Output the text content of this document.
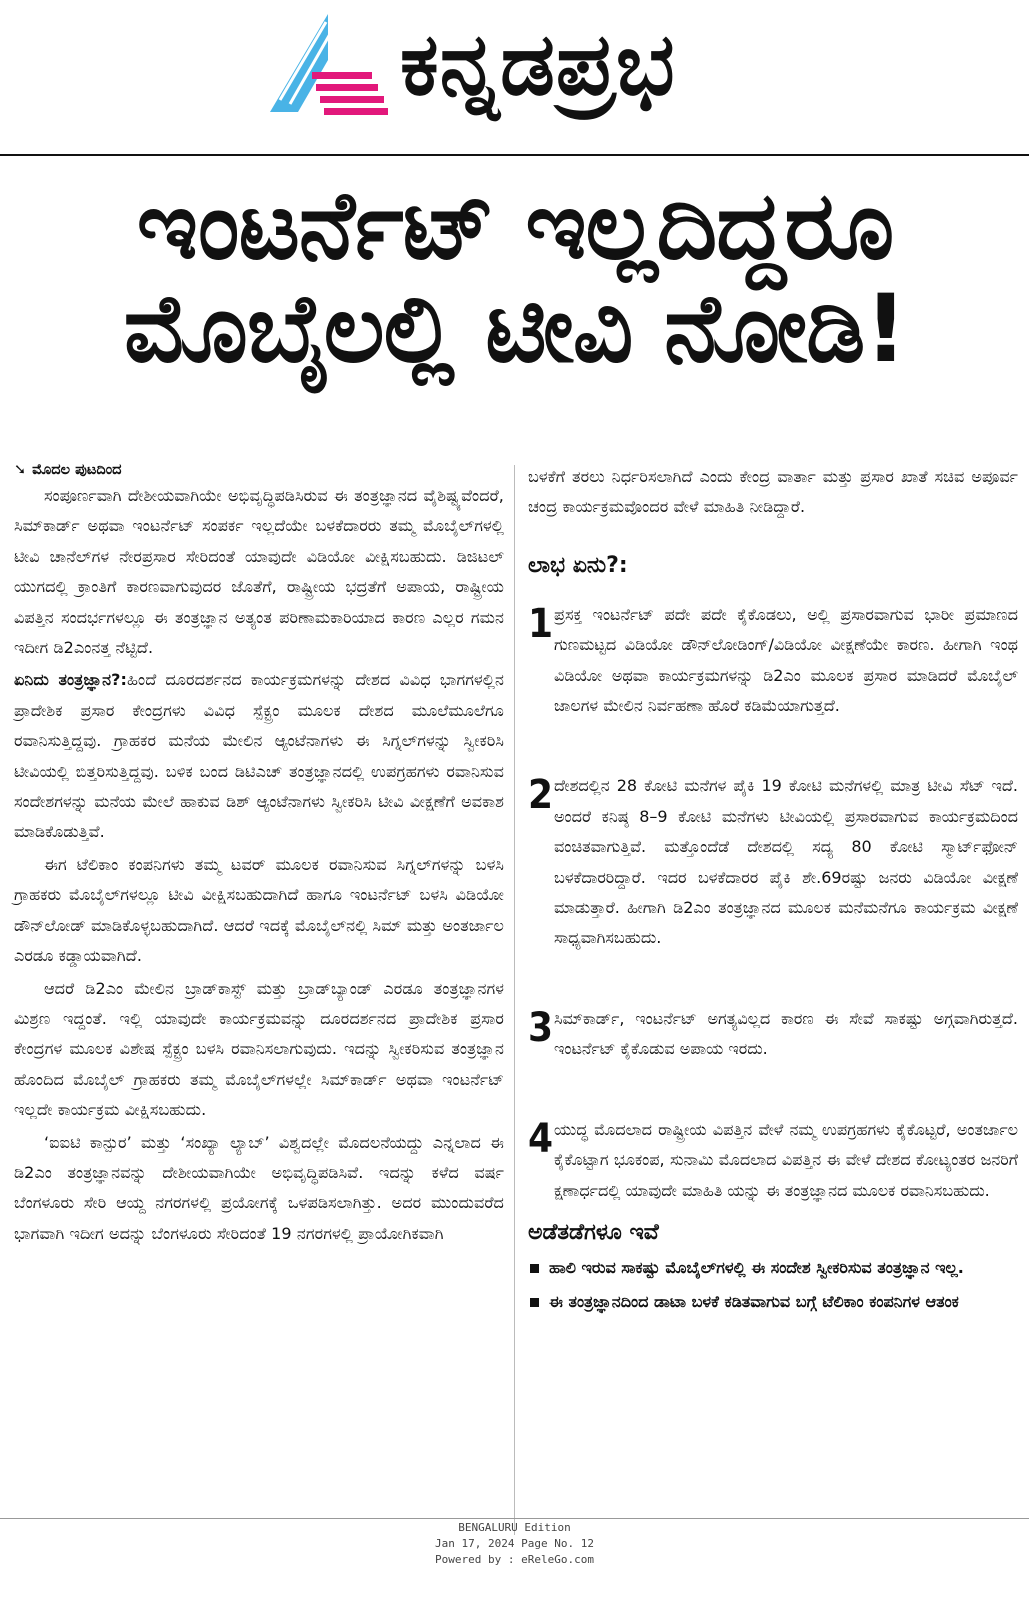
ಕನ್ನಡಪ್ರಭ
ಇಂಟರ್ನೆಟ್ ಇಲ್ಲದಿದ್ದರೂ
ಮೊಬೈಲಲ್ಲಿ ಟೀವಿ ನೋಡಿ!
➘ ಮೊದಲ ಪುಟದಿಂದ

ಸಂಪೂರ್ಣವಾಗಿ ದೇಶೀಯವಾಗಿಯೇ ಅಭಿವೃದ್ಧಿಪಡಿಸಿರುವ ಈ ತಂತ್ರಜ್ಞಾನದ ವೈಶಿಷ್ಟ್ಯವೆಂದರೆ, ಸಿಮ್‌ಕಾರ್ಡ್ ಅಥವಾ ಇಂಟರ್ನೆಟ್ ಸಂಪರ್ಕ ಇಲ್ಲದೆಯೇ ಬಳಕೆದಾರರು ತಮ್ಮ ಮೊಬೈಲ್‌ಗಳಲ್ಲಿ ಟೀವಿ ಚಾನೆಲ್‌ಗಳ ನೇರಪ್ರಸಾರ ಸೇರಿದಂತೆ ಯಾವುದೇ ವಿಡಿಯೋ ವೀಕ್ಷಿಸಬಹುದು. ಡಿಜಿಟಲ್ ಯುಗದಲ್ಲಿ ಕ್ರಾಂತಿಗೆ ಕಾರಣವಾಗುವುದರ ಜೊತೆಗೆ, ರಾಷ್ಟ್ರೀಯ ಭದ್ರತೆಗೆ ಅಪಾಯ, ರಾಷ್ಟ್ರೀಯ ವಿಪತ್ತಿನ ಸಂದರ್ಭಗಳಲ್ಲೂ ಈ ತಂತ್ರಜ್ಞಾನ ಅತ್ಯಂತ ಪರಿಣಾಮಕಾರಿಯಾದ ಕಾರಣ ಎಲ್ಲರ ಗಮನ ಇದೀಗ ಡಿ2ಎಂನತ್ತ ನೆಟ್ಟಿದೆ.

ಏನಿದು ತಂತ್ರಜ್ಞಾನ?:ಹಿಂದೆ ದೂರದರ್ಶನದ ಕಾರ್ಯಕ್ರಮಗಳನ್ನು ದೇಶದ ವಿವಿಧ ಭಾಗಗಳಲ್ಲಿನ ಪ್ರಾದೇಶಿಕ ಪ್ರಸಾರ ಕೇಂದ್ರಗಳು ವಿವಿಧ ಸ್ಪೆಕ್ಟ್ರಂ ಮೂಲಕ ದೇಶದ ಮೂಲೆಮೂಲೆಗೂ ರವಾನಿಸುತ್ತಿದ್ದವು. ಗ್ರಾಹಕರ ಮನೆಯ ಮೇಲಿನ ಆ್ಯಂಟೆನಾಗಳು ಈ ಸಿಗ್ನಲ್‌ಗಳನ್ನು ಸ್ವೀಕರಿಸಿ ಟೀವಿಯಲ್ಲಿ ಬಿತ್ತರಿಸುತ್ತಿದ್ದವು. ಬಳಿಕ ಬಂದ ಡಿಟಿಎಚ್ ತಂತ್ರಜ್ಞಾನದಲ್ಲಿ ಉಪಗ್ರಹಗಳು ರವಾನಿಸುವ ಸಂದೇಶಗಳನ್ನು ಮನೆಯ ಮೇಲೆ ಹಾಕುವ ಡಿಶ್ ಆ್ಯಂಟೆನಾಗಳು ಸ್ವೀಕರಿಸಿ ಟೀವಿ ವೀಕ್ಷಣೆಗೆ ಅವಕಾಶ ಮಾಡಿಕೊಡುತ್ತಿವೆ.

ಈಗ ಟೆಲಿಕಾಂ ಕಂಪನಿಗಳು ತಮ್ಮ ಟವರ್ ಮೂಲಕ ರವಾನಿಸುವ ಸಿಗ್ನಲ್‌ಗಳನ್ನು ಬಳಸಿ ಗ್ರಾಹಕರು ಮೊಬೈಲ್‌ಗಳಲ್ಲೂ ಟೀವಿ ವೀಕ್ಷಿಸಬಹುದಾಗಿದೆ ಹಾಗೂ ಇಂಟರ್ನೆಟ್ ಬಳಸಿ ವಿಡಿಯೋ ಡೌನ್‌ಲೋಡ್ ಮಾಡಿಕೊಳ್ಳಬಹುದಾಗಿದೆ. ಆದರೆ ಇದಕ್ಕೆ ಮೊಬೈಲ್‌ನಲ್ಲಿ ಸಿಮ್ ಮತ್ತು ಅಂತರ್ಜಾಲ ಎರಡೂ ಕಡ್ಡಾಯವಾಗಿದೆ.

ಆದರೆ ಡಿ2ಎಂ ಮೇಲಿನ ಬ್ರಾಡ್‌ಕಾಸ್ಟ್ ಮತ್ತು ಬ್ರಾಡ್‌ಬ್ಯಾಂಡ್ ಎರಡೂ ತಂತ್ರಜ್ಞಾನಗಳ ಮಿಶ್ರಣ ಇದ್ದಂತೆ. ಇಲ್ಲಿ ಯಾವುದೇ ಕಾರ್ಯಕ್ರಮವನ್ನು ದೂರದರ್ಶನದ ಪ್ರಾದೇಶಿಕ ಪ್ರಸಾರ ಕೇಂದ್ರಗಳ ಮೂಲಕ ವಿಶೇಷ ಸ್ಪೆಕ್ಟ್ರಂ ಬಳಸಿ ರವಾನಿಸಲಾಗುವುದು. ಇದನ್ನು ಸ್ವೀಕರಿಸುವ ತಂತ್ರಜ್ಞಾನ ಹೊಂದಿದ ಮೊಬೈಲ್ ಗ್ರಾಹಕರು ತಮ್ಮ ಮೊಬೈಲ್‌ಗಳಲ್ಲೇ ಸಿಮ್‌ಕಾರ್ಡ್ ಅಥವಾ ಇಂಟರ್ನೆಟ್ ಇಲ್ಲದೇ ಕಾರ್ಯಕ್ರಮ ವೀಕ್ಷಿಸಬಹುದು.

‘ಐಐಟಿ ಕಾನ್ಪುರ’ ಮತ್ತು ‘ಸಂಖ್ಯಾ ಲ್ಯಾಬ್’ ವಿಶ್ವದಲ್ಲೇ ಮೊದಲನೆಯದ್ದು ಎನ್ನಲಾದ ಈ ಡಿ2ಎಂ ತಂತ್ರಜ್ಞಾನವನ್ನು ದೇಶೀಯವಾಗಿಯೇ ಅಭಿವೃದ್ಧಿಪಡಿಸಿವೆ. ಇದನ್ನು ಕಳೆದ ವರ್ಷ ಬೆಂಗಳೂರು ಸೇರಿ ಆಯ್ದ ನಗರಗಳಲ್ಲಿ ಪ್ರಯೋಗಕ್ಕೆ ಒಳಪಡಿಸಲಾಗಿತ್ತು. ಅದರ ಮುಂದುವರೆದ ಭಾಗವಾಗಿ ಇದೀಗ ಅದನ್ನು ಬೆಂಗಳೂರು ಸೇರಿದಂತೆ 19 ನಗರಗಳಲ್ಲಿ ಪ್ರಾಯೋಗಿಕವಾಗಿ

ಬಳಕೆಗೆ ತರಲು ನಿರ್ಧರಿಸಲಾಗಿದೆ ಎಂದು ಕೇಂದ್ರ ವಾರ್ತಾ ಮತ್ತು ಪ್ರಸಾರ ಖಾತೆ ಸಚಿವ ಅಪೂರ್ವ ಚಂದ್ರ ಕಾರ್ಯಕ್ರಮವೊಂದರ ವೇಳೆ ಮಾಹಿತಿ ನೀಡಿದ್ದಾರೆ.

ಲಾಭ ಏನು?:
1 ಪ್ರಸಕ್ತ ಇಂಟರ್ನೆಟ್ ಪದೇ ಪದೇ ಕೈಕೊಡಲು, ಅಲ್ಲಿ ಪ್ರಸಾರವಾಗುವ ಭಾರೀ ಪ್ರಮಾಣದ ಗುಣಮಟ್ಟದ ವಿಡಿಯೋ ಡೌನ್‌ಲೋಡಿಂಗ್/ವಿಡಿಯೋ ವೀಕ್ಷಣೆಯೇ ಕಾರಣ. ಹೀಗಾಗಿ ಇಂಥ ವಿಡಿಯೋ ಅಥವಾ ಕಾರ್ಯಕ್ರಮಗಳನ್ನು ಡಿ2ಎಂ ಮೂಲಕ ಪ್ರಸಾರ ಮಾಡಿದರೆ ಮೊಬೈಲ್ ಜಾಲಗಳ ಮೇಲಿನ ನಿರ್ವಹಣಾ ಹೊರೆ ಕಡಿಮೆಯಾಗುತ್ತದೆ.
2 ದೇಶದಲ್ಲಿನ 28 ಕೋಟಿ ಮನೆಗಳ ಪೈಕಿ 19 ಕೋಟಿ ಮನೆಗಳಲ್ಲಿ ಮಾತ್ರ ಟೀವಿ ಸೆಟ್ ಇದೆ. ಅಂದರೆ ಕನಿಷ್ಠ 8–9 ಕೋಟಿ ಮನೆಗಳು ಟೀವಿಯಲ್ಲಿ ಪ್ರಸಾರವಾಗುವ ಕಾರ್ಯಕ್ರಮದಿಂದ ವಂಚಿತವಾಗುತ್ತಿವೆ. ಮತ್ತೊಂದೆಡೆ ದೇಶದಲ್ಲಿ ಸದ್ಯ 80 ಕೋಟಿ ಸ್ಮಾರ್ಟ್‌ಫೋನ್ ಬಳಕೆದಾರರಿದ್ದಾರೆ. ಇದರ ಬಳಕೆದಾರರ ಪೈಕಿ ಶೇ.69ರಷ್ಟು ಜನರು ವಿಡಿಯೋ ವೀಕ್ಷಣೆ ಮಾಡುತ್ತಾರೆ. ಹೀಗಾಗಿ ಡಿ2ಎಂ ತಂತ್ರಜ್ಞಾನದ ಮೂಲಕ ಮನೆಮನೆಗೂ ಕಾರ್ಯಕ್ರಮ ವೀಕ್ಷಣೆ ಸಾಧ್ಯವಾಗಿಸಬಹುದು.
3 ಸಿಮ್‌ಕಾರ್ಡ್, ಇಂಟರ್ನೆಟ್ ಅಗತ್ಯವಿಲ್ಲದ ಕಾರಣ ಈ ಸೇವೆ ಸಾಕಷ್ಟು ಅಗ್ಗವಾಗಿರುತ್ತದೆ. ಇಂಟರ್ನೆಟ್ ಕೈಕೊಡುವ ಅಪಾಯ ಇರದು.
4 ಯುದ್ಧ ಮೊದಲಾದ ರಾಷ್ಟ್ರೀಯ ವಿಪತ್ತಿನ ವೇಳೆ ನಮ್ಮ ಉಪಗ್ರಹಗಳು ಕೈಕೊಟ್ಟರೆ, ಅಂತರ್ಜಾಲ ಕೈಕೊಟ್ಟಾಗ ಭೂಕಂಪ, ಸುನಾಮಿ ಮೊದಲಾದ ವಿಪತ್ತಿನ ಈ ವೇಳೆ ದೇಶದ ಕೋಟ್ಯಂತರ ಜನರಿಗೆ ಕ್ಷಣಾರ್ಧದಲ್ಲಿ ಯಾವುದೇ ಮಾಹಿತಿ ಯನ್ನು ಈ ತಂತ್ರಜ್ಞಾನದ ಮೂಲಕ ರವಾನಿಸಬಹುದು.
ಅಡೆತಡೆಗಳೂ ಇವೆ
ಹಾಲಿ ಇರುವ ಸಾಕಷ್ಟು ಮೊಬೈಲ್‌ಗಳಲ್ಲಿ ಈ ಸಂದೇಶ ಸ್ವೀಕರಿಸುವ ತಂತ್ರಜ್ಞಾನ ಇಲ್ಲ.
ಈ ತಂತ್ರಜ್ಞಾನದಿಂದ ಡಾಟಾ ಬಳಕೆ ಕಡಿತವಾಗುವ ಬಗ್ಗೆ ಟೆಲಿಕಾಂ ಕಂಪನಿಗಳ ಆತಂಕ
BENGALURU Edition
Jan 17, 2024 Page No. 12
Powered by : eReleGo.com
